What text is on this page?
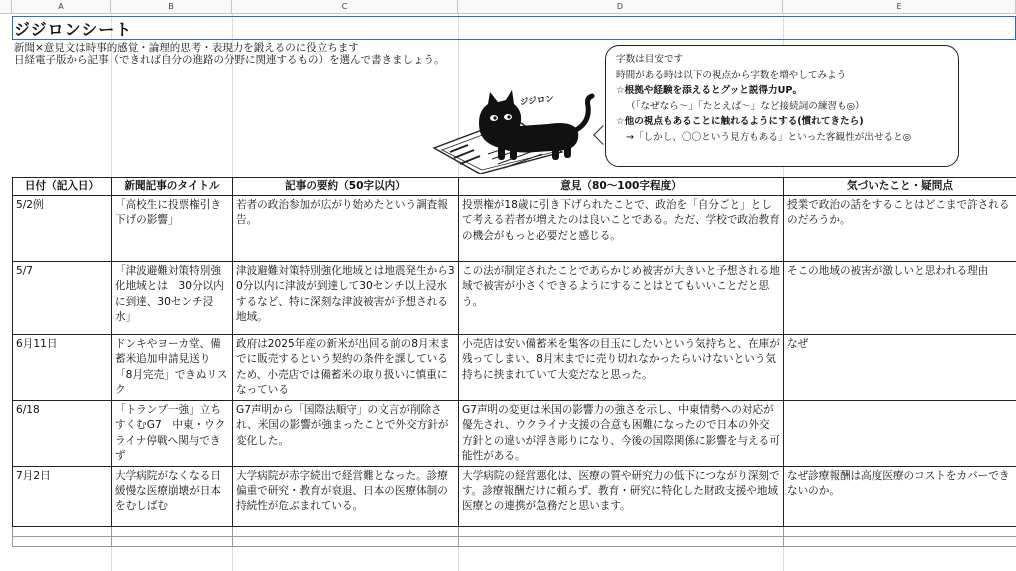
A	B	C	D	E
ジジロンシート
新聞×意見文は時事的感覚・論理的思考・表現力を鍛えるのに役立ちます
日経電子版から記事（できれば自分の進路の分野に関連するもの）を選んで書きましょう。
ジジロン
字数は目安です
時間がある時は以下の視点から字数を増やしてみよう
☆根拠や経験を添えるとグッと説得力UP。
（「なぜなら～」「たとえば～」など接続詞の練習も◎）
☆他の視点もあることに触れるようにする(慣れてきたら)
→「しかし、〇〇という見方もある」といった客観性が出せると◎
日付（記入日）	新聞記事のタイトル	記事の要約（50字以内）	意見（80～100字程度）	気づいたこと・疑問点
5/2例	「高校生に投票権引き下げの影響」	若者の政治参加が広がり始めたという調査報告。	投票権が18歳に引き下げられたことで、政治を「自分ごと」として考える若者が増えたのは良いことである。ただ、学校で政治教育の機会がもっと必要だと感じる。	授業で政治の話をすることはどこまで許されるのだろうか。
5/7	「津波避難対策特別強化地域とは　30分以内に到達、30センチ浸水」	津波避難対策特別強化地域とは地震発生から30分以内に津波が到達して30センチ以上浸水するなど、特に深刻な津波被害が予想される地域。	この法が制定されたことであらかじめ被害が大きいと予想される地域で被害が小さくできるようにすることはとてもいいことだと思う。	そこの地域の被害が激しいと思われる理由
6月11日	ドンキやヨーカ堂、備蓄米追加申請見送り　「8月完売」できぬリスク	政府は2025年産の新米が出回る前の8月末までに販売するという契約の条件を課しているため、小売店では備蓄米の取り扱いに慎重になっている	小売店は安い備蓄米を集客の目玉にしたいという気持ちと、在庫が残ってしまい、8月末までに売り切れなかったらいけないという気持ちに挟まれていて大変だなと思った。	なぜ
6/18	「トランプ一強」立ちすくむG7　中東・ウクライナ停戦へ関与できず	G7声明から「国際法順守」の文言が削除され、米国の影響が強まったことで外交方針が変化した。	G7声明の変更は米国の影響力の強さを示し、中東情勢への対応が優先され、ウクライナ支援の合意も困難になったので日本の外交方針との違いが浮き彫りになり、今後の国際関係に影響を与える可能性がある。	
7月2日	大学病院がなくなる日　緩慢な医療崩壊が日本をむしばむ	大学病院が赤字続出で経営難となった。診療偏重で研究・教育が衰退、日本の医療体制の持続性が危ぶまれている。	大学病院の経営悪化は、医療の質や研究力の低下につながり深刻です。診療報酬だけに頼らず、教育・研究に特化した財政支援や地域医療との連携が急務だと思います。	なぜ診療報酬は高度医療のコストをカバーできないのか。
